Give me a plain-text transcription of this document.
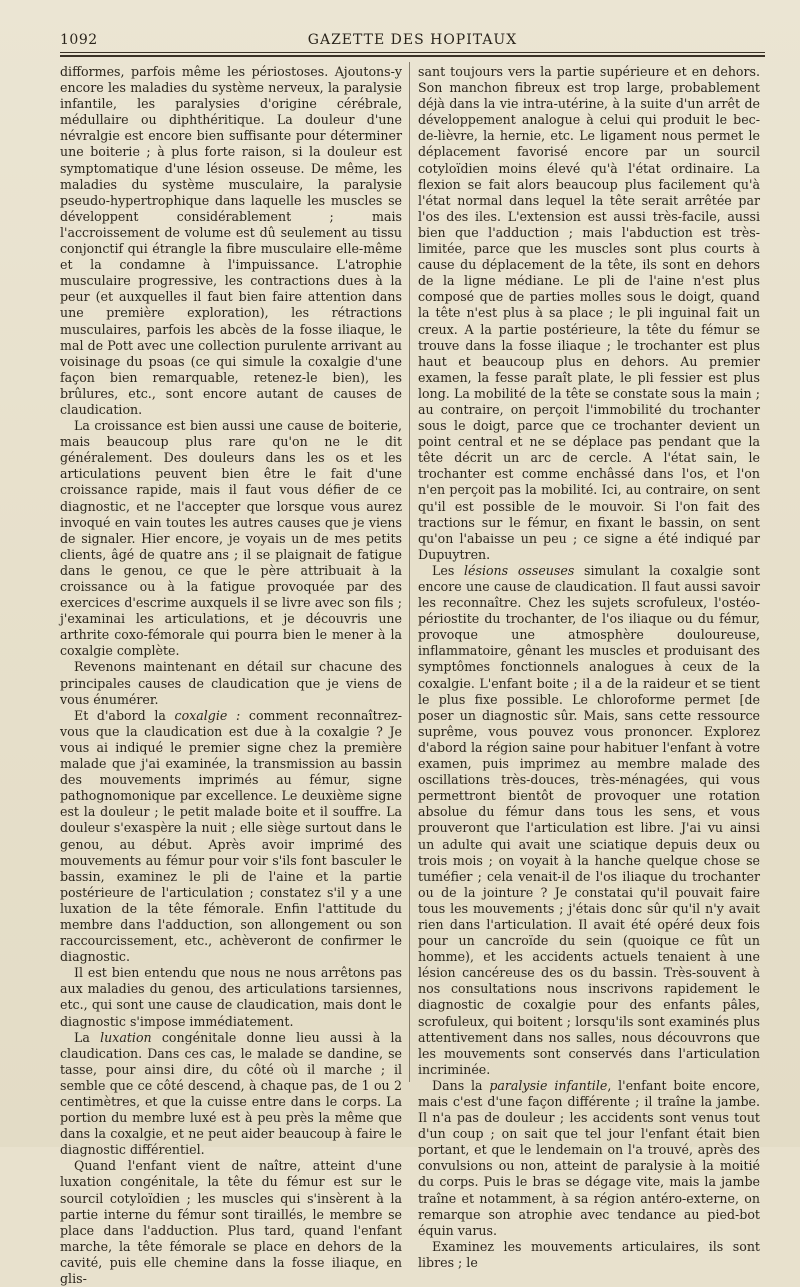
1092	GAZETTE DES HOPITAUX

difformes, parfois même les périostoses. Ajoutons-y encore les maladies du système nerveux, la paralysie infantile, les paralysies d'origine cérébrale, médullaire ou diphthéritique. La douleur d'une névralgie est encore bien suffisante pour déterminer une boiterie ; à plus forte raison, si la douleur est symptomatique d'une lésion osseuse. De même, les maladies du système musculaire, la paralysie pseudo-hypertrophique dans laquelle les muscles se développent considérablement ; mais l'accroissement de volume est dû seulement au tissu conjonctif qui étrangle la fibre musculaire elle-même et la condamne à l'impuissance. L'atrophie musculaire progressive, les contractions dues à la peur (et auxquelles il faut bien faire attention dans une première exploration), les rétractions musculaires, parfois les abcès de la fosse iliaque, le mal de Pott avec une collection purulente arrivant au voisinage du psoas (ce qui simule la coxalgie d'une façon bien remarquable, retenez-le bien), les brûlures, etc., sont encore autant de causes de claudication.

La croissance est bien aussi une cause de boiterie, mais beaucoup plus rare qu'on ne le dit généralement. Des douleurs dans les os et les articulations peuvent bien être le fait d'une croissance rapide, mais il faut vous défier de ce diagnostic, et ne l'accepter que lorsque vous aurez invoqué en vain toutes les autres causes que je viens de signaler. Hier encore, je voyais un de mes petits clients, âgé de quatre ans ; il se plaignait de fatigue dans le genou, ce que le père attribuait à la croissance ou à la fatigue provoquée par des exercices d'escrime auxquels il se livre avec son fils ; j'examinai les articulations, et je découvris une arthrite coxo-fémorale qui pourra bien le mener à la coxalgie complète.

Revenons maintenant en détail sur chacune des principales causes de claudication que je viens de vous énumérer.

Et d'abord la coxalgie : comment reconnaîtrez-vous que la claudication est due à la coxalgie ? Je vous ai indiqué le premier signe chez la première malade que j'ai examinée, la transmission au bassin des mouvements imprimés au fémur, signe pathognomonique par excellence. Le deuxième signe est la douleur ; le petit malade boite et il souffre. La douleur s'exaspère la nuit ; elle siège surtout dans le genou, au début. Après avoir imprimé des mouvements au fémur pour voir s'ils font basculer le bassin, examinez le pli de l'aine et la partie postérieure de l'articulation ; constatez s'il y a une luxation de la tête fémorale. Enfin l'attitude du membre dans l'adduction, son allongement ou son raccourcissement, etc., achèveront de confirmer le diagnostic.

Il est bien entendu que nous ne nous arrêtons pas aux maladies du genou, des articulations tarsiennes, etc., qui sont une cause de claudication, mais dont le diagnostic s'impose immédiatement.

La luxation congénitale donne lieu aussi à la claudication. Dans ces cas, le malade se dandine, se tasse, pour ainsi dire, du côté où il marche ; il semble que ce côté descend, à chaque pas, de 1 ou 2 centimètres, et que la cuisse entre dans le corps. La portion du membre luxé est à peu près la même que dans la coxalgie, et ne peut aider beaucoup à faire le diagnostic différentiel.

Quand l'enfant vient de naître, atteint d'une luxation congénitale, la tête du fémur est sur le sourcil cotyloïdien ; les muscles qui s'insèrent à la partie interne du fémur sont tiraillés, le membre se place dans l'adduction. Plus tard, quand l'enfant marche, la tête fémorale se place en dehors de la cavité, puis elle chemine dans la fosse iliaque, en glis-

sant toujours vers la partie supérieure et en dehors. Son manchon fibreux est trop large, probablement déjà dans la vie intra-utérine, à la suite d'un arrêt de développement analogue à celui qui produit le bec-de-lièvre, la hernie, etc. Le ligament nous permet le déplacement favorisé encore par un sourcil cotyloïdien moins élevé qu'à l'état ordinaire. La flexion se fait alors beaucoup plus facilement qu'à l'état normal dans lequel la tête serait arrêtée par l'os des iles. L'extension est aussi très-facile, aussi bien que l'adduction ; mais l'abduction est très-limitée, parce que les muscles sont plus courts à cause du déplacement de la tête, ils sont en dehors de la ligne médiane. Le pli de l'aine n'est plus composé que de parties molles sous le doigt, quand la tête n'est plus à sa place ; le pli inguinal fait un creux. A la partie postérieure, la tête du fémur se trouve dans la fosse iliaque ; le trochanter est plus haut et beaucoup plus en dehors. Au premier examen, la fesse paraît plate, le pli fessier est plus long. La mobilité de la tête se constate sous la main ; au contraire, on perçoit l'immobilité du trochanter sous le doigt, parce que ce trochanter devient un point central et ne se déplace pas pendant que la tête décrit un arc de cercle. A l'état sain, le trochanter est comme enchâssé dans l'os, et l'on n'en perçoit pas la mobilité. Ici, au contraire, on sent qu'il est possible de le mouvoir. Si l'on fait des tractions sur le fémur, en fixant le bassin, on sent qu'on l'abaisse un peu ; ce signe a été indiqué par Dupuytren.

Les lésions osseuses simulant la coxalgie sont encore une cause de claudication. Il faut aussi savoir les reconnaître. Chez les sujets scrofuleux, l'ostéo-périostite du trochanter, de l'os iliaque ou du fémur, provoque une atmosphère douloureuse, inflammatoire, gênant les muscles et produisant des symptômes fonctionnels analogues à ceux de la coxalgie. L'enfant boite ; il a de la raideur et se tient le plus fixe possible. Le chloroforme permet [de poser un diagnostic sûr. Mais, sans cette ressource suprême, vous pouvez vous prononcer. Explorez d'abord la région saine pour habituer l'enfant à votre examen, puis imprimez au membre malade des oscillations très-douces, très-ménagées, qui vous permettront bientôt de provoquer une rotation absolue du fémur dans tous les sens, et vous prouveront que l'articulation est libre. J'ai vu ainsi un adulte qui avait une sciatique depuis deux ou trois mois ; on voyait à la hanche quelque chose se tuméfier ; cela venait-il de l'os iliaque du trochanter ou de la jointure ? Je constatai qu'il pouvait faire tous les mouvements ; j'étais donc sûr qu'il n'y avait rien dans l'articulation. Il avait été opéré deux fois pour un cancroïde du sein (quoique ce fût un homme), et les accidents actuels tenaient à une lésion cancéreuse des os du bassin. Très-souvent à nos consultations nous inscrivons rapidement le diagnostic de coxalgie pour des enfants pâles, scrofuleux, qui boitent ; lorsqu'ils sont examinés plus attentivement dans nos salles, nous découvrons que les mouvements sont conservés dans l'articulation incriminée.

Dans la paralysie infantile, l'enfant boite encore, mais c'est d'une façon différente ; il traîne la jambe. Il n'a pas de douleur ; les accidents sont venus tout d'un coup ; on sait que tel jour l'enfant était bien portant, et que le lendemain on l'a trouvé, après des convulsions ou non, atteint de paralysie à la moitié du corps. Puis le bras se dégage vite, mais la jambe traîne et notamment, à sa région antéro-externe, on remarque son atrophie avec tendance au pied-bot équin varus.

Examinez les mouvements articulaires, ils sont libres ; le
